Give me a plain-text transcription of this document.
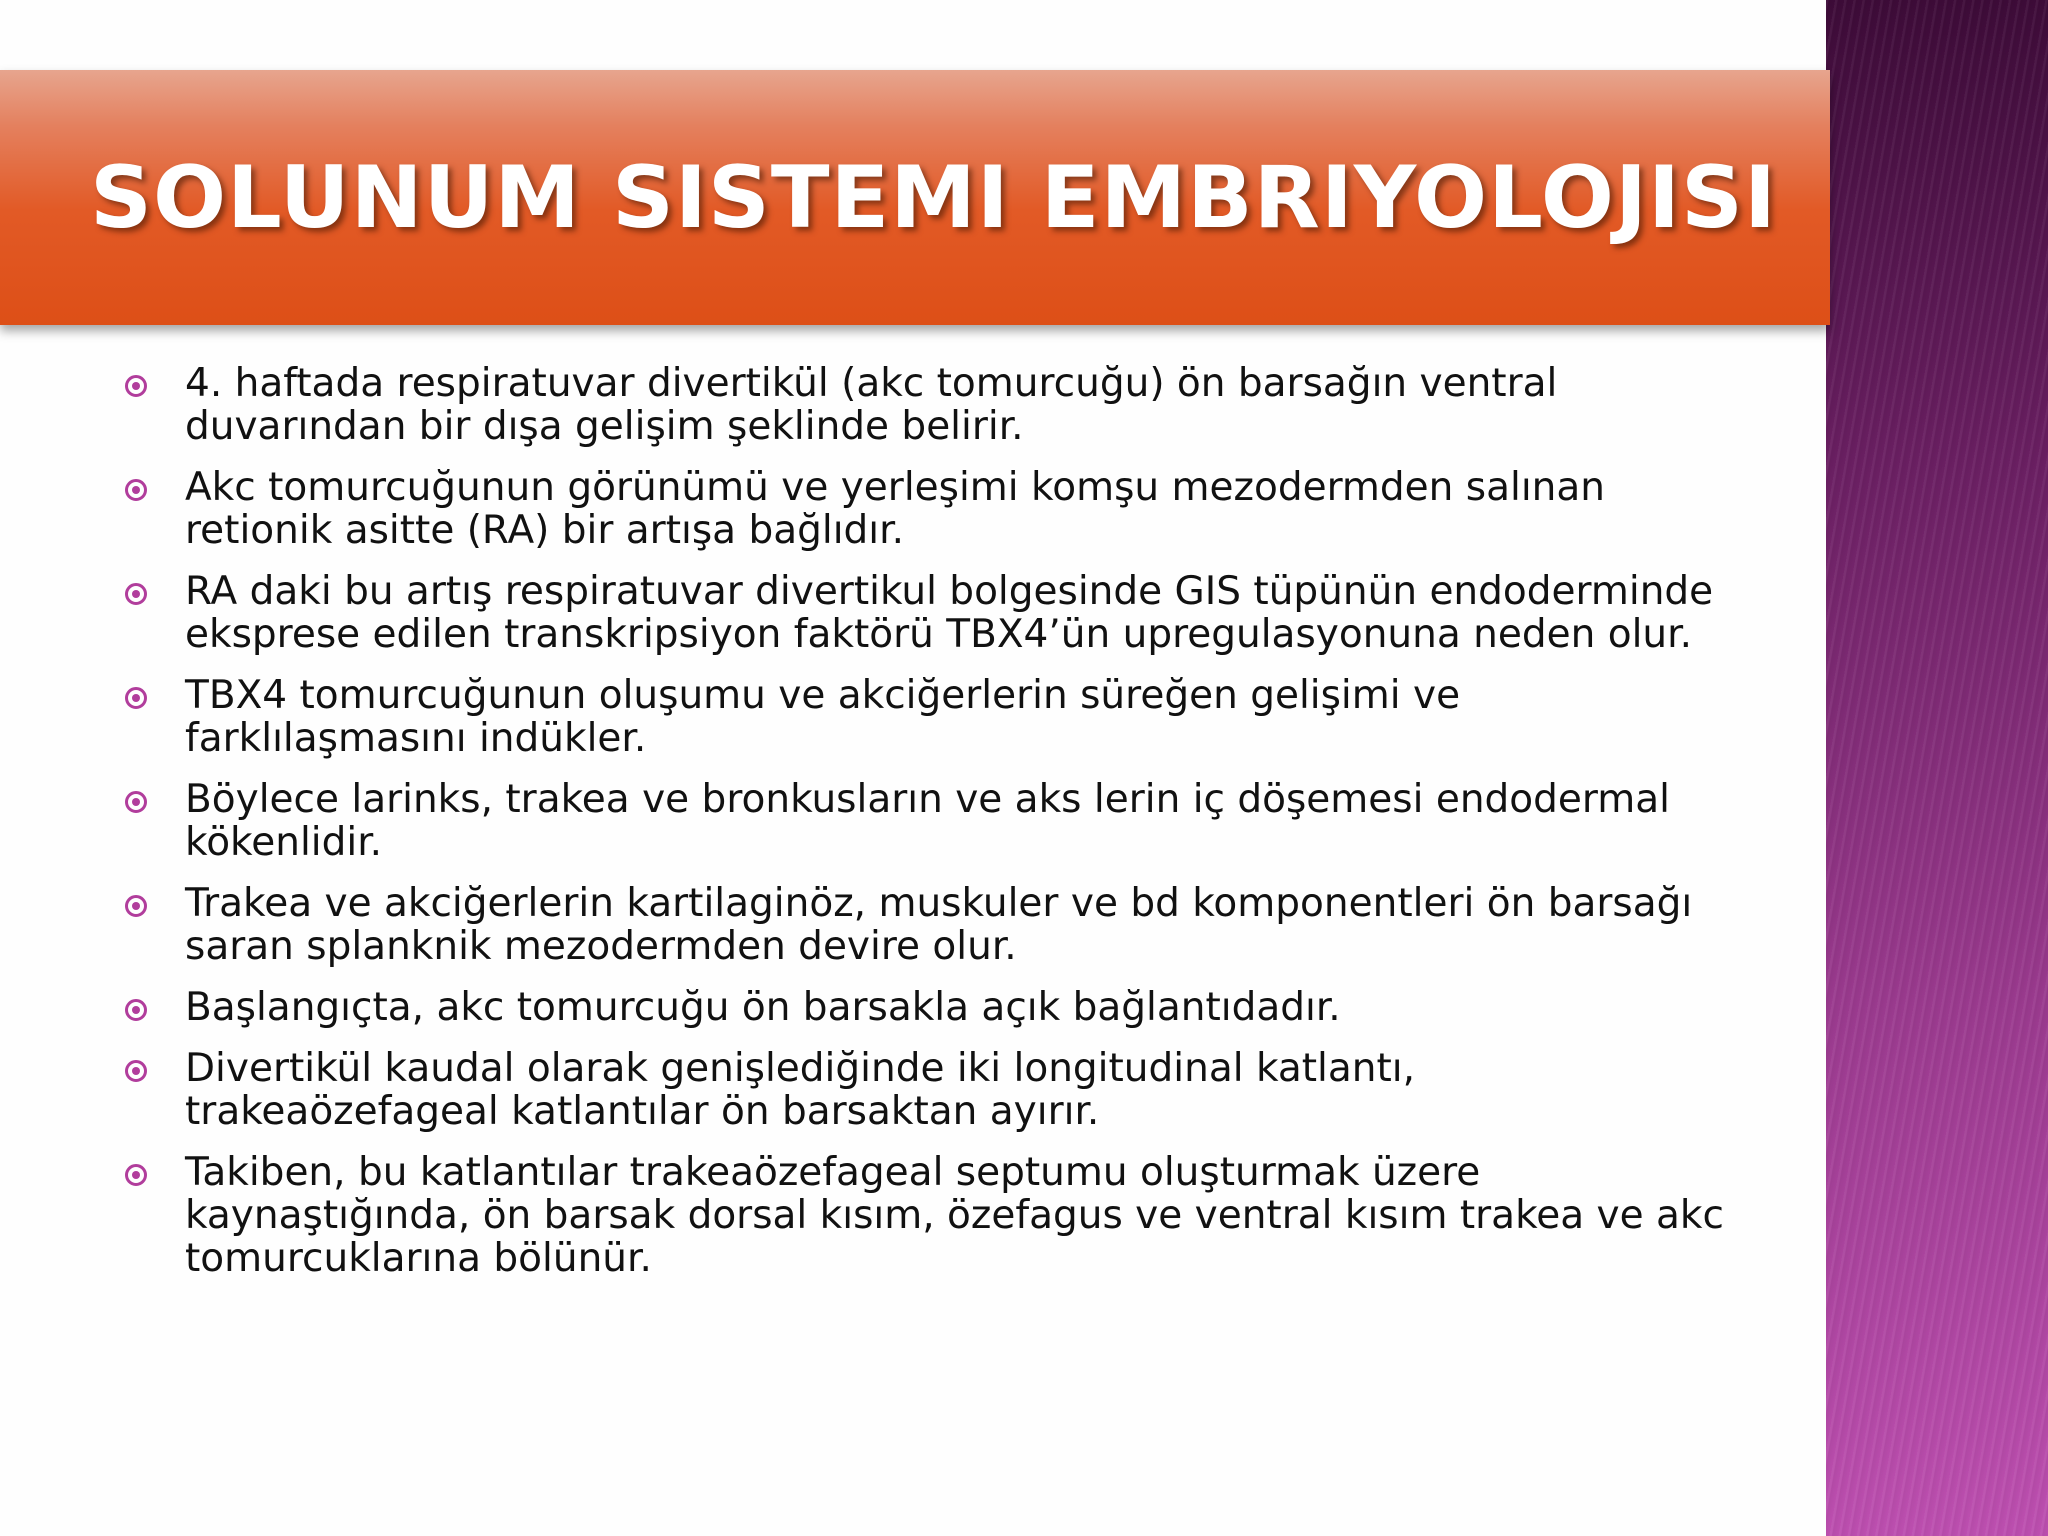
SOLUNUM SISTEMI EMBRIYOLOJISI
4. haftada respiratuvar divertikül (akc tomurcuğu) ön barsağın ventral duvarından bir dışa gelişim şeklinde belirir.
Akc tomurcuğunun görünümü ve yerleşimi komşu mezodermden salınan retionik asitte (RA) bir artışa bağlıdır.
RA daki bu artış respiratuvar divertikul bolgesinde GIS tüpünün endoderminde eksprese edilen transkripsiyon faktörü TBX4’ün upregulasyonuna neden olur.
TBX4 tomurcuğunun oluşumu ve akciğerlerin süreğen gelişimi ve farklılaşmasını indükler.
Böylece larinks, trakea ve bronkusların ve aks lerin iç döşemesi endodermal kökenlidir.
Trakea ve akciğerlerin kartilaginöz, muskuler ve bd komponentleri ön barsağı saran splanknik mezodermden devire olur.
Başlangıçta, akc tomurcuğu ön barsakla açık bağlantıdadır.
Divertikül kaudal olarak genişlediğinde iki longitudinal katlantı, trakeaözefageal katlantılar ön barsaktan ayırır.
Takiben, bu katlantılar trakeaözefageal septumu oluşturmak üzere kaynaştığında, ön barsak dorsal kısım, özefagus ve ventral kısım trakea ve akc tomurcuklarına bölünür.
